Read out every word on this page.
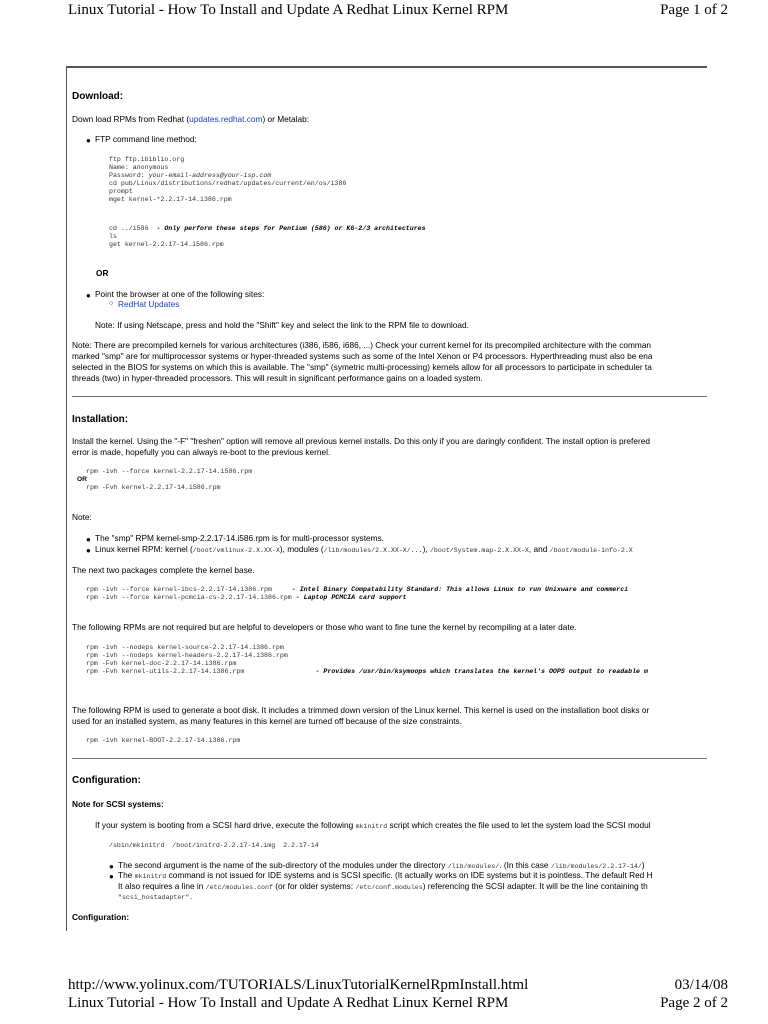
Linux Tutorial - How To Install and Update A Redhat Linux Kernel RPM	Page 1 of 2
Download:
Down load RPMs from Redhat (updates.redhat.com) or Metalab:
● FTP command line method:
ftp ftp.ibiblio.org
Name: anonymous
Password: your-email-address@your-isp.com
cd pub/Linux/distributions/redhat/updates/current/en/os/i386
prompt
mget kernel-*2.2.17-14.i386.rpm
cd ../i586 - Only perform these steps for Pentium (586) or K6-2/3 architectures
ls
get kernel-2.2.17-14.i586.rpm
OR
● Point the browser at one of the following sites:
○ RedHat Updates
Note: If using Netscape, press and hold the "Shift" key and select the link to the RPM file to download.
Note: There are precompiled kernels for various architectures (i386, i586, i686, ...) Check your current kernel for its precompiled architecture with the comman
marked "smp" are for multiprocessor systems or hyper-threaded systems such as some of the Intel Xenon or P4 processors. Hyperthreading must also be ena
selected in the BIOS for systems on which this is available. The "smp" (symetric multi-processing) kernels allow for all processors to participate in scheduler ta
threads (two) in hyper-threaded processors. This will result in significant performance gains on a loaded system.
Installation:
Install the kernel. Using the "-F" "freshen" option will remove all previous kernel installs. Do this only if you are daringly confident. The install option is prefered
error is made, hopefully you can always re-boot to the previous kernel.
rpm -ivh --force kernel-2.2.17-14.i586.rpm
OR
rpm -Fvh kernel-2.2.17-14.i586.rpm
Note:
● The "smp" RPM kernel-smp-2.2.17-14.i586.rpm is for multi-processor systems.
● Linux kernel RPM: kernel (/boot/vmlinux-2.X.XX-X), modules (/lib/modules/2.X.XX-X/...), /boot/System.map-2.X.XX-X, and /boot/module-info-2.X
The next two packages complete the kernel base.
rpm -ivh --force kernel-ibcs-2.2.17-14.i386.rpm	- Intel Binary Compatability Standard: This allows Linux to run Unixware and commerci
rpm -ivh --force kernel-pcmcia-cs-2.2.17-14.i386.rpm - Laptop PCMCIA card support
The following RPMs are not required but are helpful to developers or those who want to fine tune the kernel by recompiling at a later date.
rpm -ivh --nodeps kernel-source-2.2.17-14.i386.rpm
rpm -ivh --nodeps kernel-headers-2.2.17-14.i386.rpm
rpm -Fvh kernel-doc-2.2.17-14.i386.rpm
rpm -Fvh kernel-utils-2.2.17-14.i386.rpm	- Provides /usr/bin/ksymoops which translates the kernel's OOPS output to readable m
The following RPM is used to generate a boot disk. It includes a trimmed down version of the Linux kernel. This kernel is used on the installation boot disks or
used for an installed system, as many features in this kernel are turned off because of the size constraints.
rpm -ivh kernel-BOOT-2.2.17-14.i386.rpm
Configuration:
Note for SCSI systems:
If your system is booting from a SCSI hard drive, execute the following mkinitrd script which creates the file used to let the system load the SCSI modul
/sbin/mkinitrd  /boot/initrd-2.2.17-14.img  2.2.17-14
● The second argument is the name of the sub-directory of the modules under the directory /lib/modules/. (In this case /lib/modules/2.2.17-14/)
● The mkinitrd command is not issued for IDE systems and is SCSI specific. (It actually works on IDE systems but it is pointless. The default Red H
It also requires a line in /etc/modules.conf (or for older systems: /etc/conf.modules) referencing the SCSI adapter. It will be the line containing th
"scsi_hostadapter".
Configuration:
http://www.yolinux.com/TUTORIALS/LinuxTutorialKernelRpmInstall.html	03/14/08
Linux Tutorial - How To Install and Update A Redhat Linux Kernel RPM	Page 2 of 2
